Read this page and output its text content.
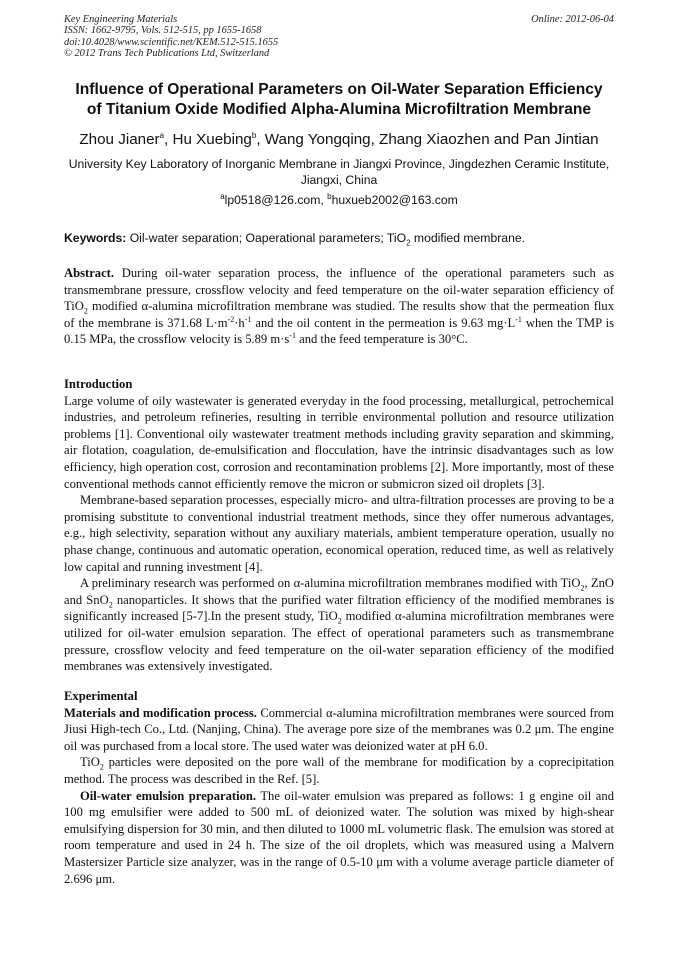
Key Engineering Materials
ISSN: 1662-9795, Vols. 512-515, pp 1655-1658
doi:10.4028/www.scientific.net/KEM.512-515.1655
© 2012 Trans Tech Publications Ltd, Switzerland
Online: 2012-06-04
Influence of Operational Parameters on Oil-Water Separation Efficiency
of Titanium Oxide Modified Alpha-Alumina Microfiltration Membrane
Zhou Jianer$^a$, Hu Xuebing$^b$, Wang Yongqing, Zhang Xiaozhen and Pan Jintian
University Key Laboratory of Inorganic Membrane in Jiangxi Province, Jingdezhen Ceramic Institute, Jiangxi, China
$^a$lp0518@126.com, $^b$huxueb2002@163.com
Keywords: Oil-water separation; Oaperational parameters; TiO$_2$ modified membrane.

Abstract. During oil-water separation process, the influence of the operational parameters such as transmembrane pressure, crossflow velocity and feed temperature on the oil-water separation efficiency of TiO$_2$ modified α-alumina microfiltration membrane was studied. The results show that the permeation flux of the membrane is 371.68 $L\cdot m^{-2}\cdot h^{-1}$ and the oil content in the permeation is 9.63 $mg\cdot L^{-1}$ when the TMP is 0.15 MPa, the crossflow velocity is 5.89 $m\cdot s^{-1}$ and the feed temperature is 30°C.

Introduction

Large volume of oily wastewater is generated everyday in the food processing, metallurgical, petrochemical industries, and petroleum refineries, resulting in terrible environmental pollution and resource utilization problems [1]. Conventional oily wastewater treatment methods including gravity separation and skimming, air flotation, coagulation, de-emulsification and flocculation, have the intrinsic disadvantages such as low efficiency, high operation cost, corrosion and recontamination problems [2]. More importantly, most of these conventional methods cannot efficiently remove the micron or submicron sized oil droplets [3].

Membrane-based separation processes, especially micro- and ultra-filtration processes are proving to be a promising substitute to conventional industrial treatment methods, since they offer numerous advantages, e.g., high selectivity, separation without any auxiliary materials, ambient temperature operation, usually no phase change, continuous and automatic operation, economical operation, reduced time, as well as relatively low capital and running investment [4].

A preliminary research was performed on α-alumina microfiltration membranes modified with TiO$_2$, ZnO and SnO$_2$ nanoparticles. It shows that the purified water filtration efficiency of the modified membranes is significantly increased [5-7].In the present study, TiO$_2$ modified α-alumina microfiltration membranes were utilized for oil-water emulsion separation. The effect of operational parameters such as transmembrane pressure, crossflow velocity and feed temperature on the oil-water separation efficiency of the modified membranes was extensively investigated.

Experimental

Materials and modification process. Commercial α-alumina microfiltration membranes were sourced from Jiusi High-tech Co., Ltd. (Nanjing, China). The average pore size of the membranes was 0.2 μm. The engine oil was purchased from a local store. The used water was deionized water at pH 6.0.

TiO$_2$ particles were deposited on the pore wall of the membrane for modification by a coprecipitation method. The process was described in the Ref. [5].

Oil-water emulsion preparation. The oil-water emulsion was prepared as follows: 1 g engine oil and 100 mg emulsifier were added to 500 mL of deionized water. The solution was mixed by high-shear emulsifying dispersion for 30 min, and then diluted to 1000 mL volumetric flask. The emulsion was stored at room temperature and used in 24 h. The size of the oil droplets, which was measured using a Malvern Mastersizer Particle size analyzer, was in the range of 0.5-10 μm with a volume average particle diameter of 2.696 μm.
